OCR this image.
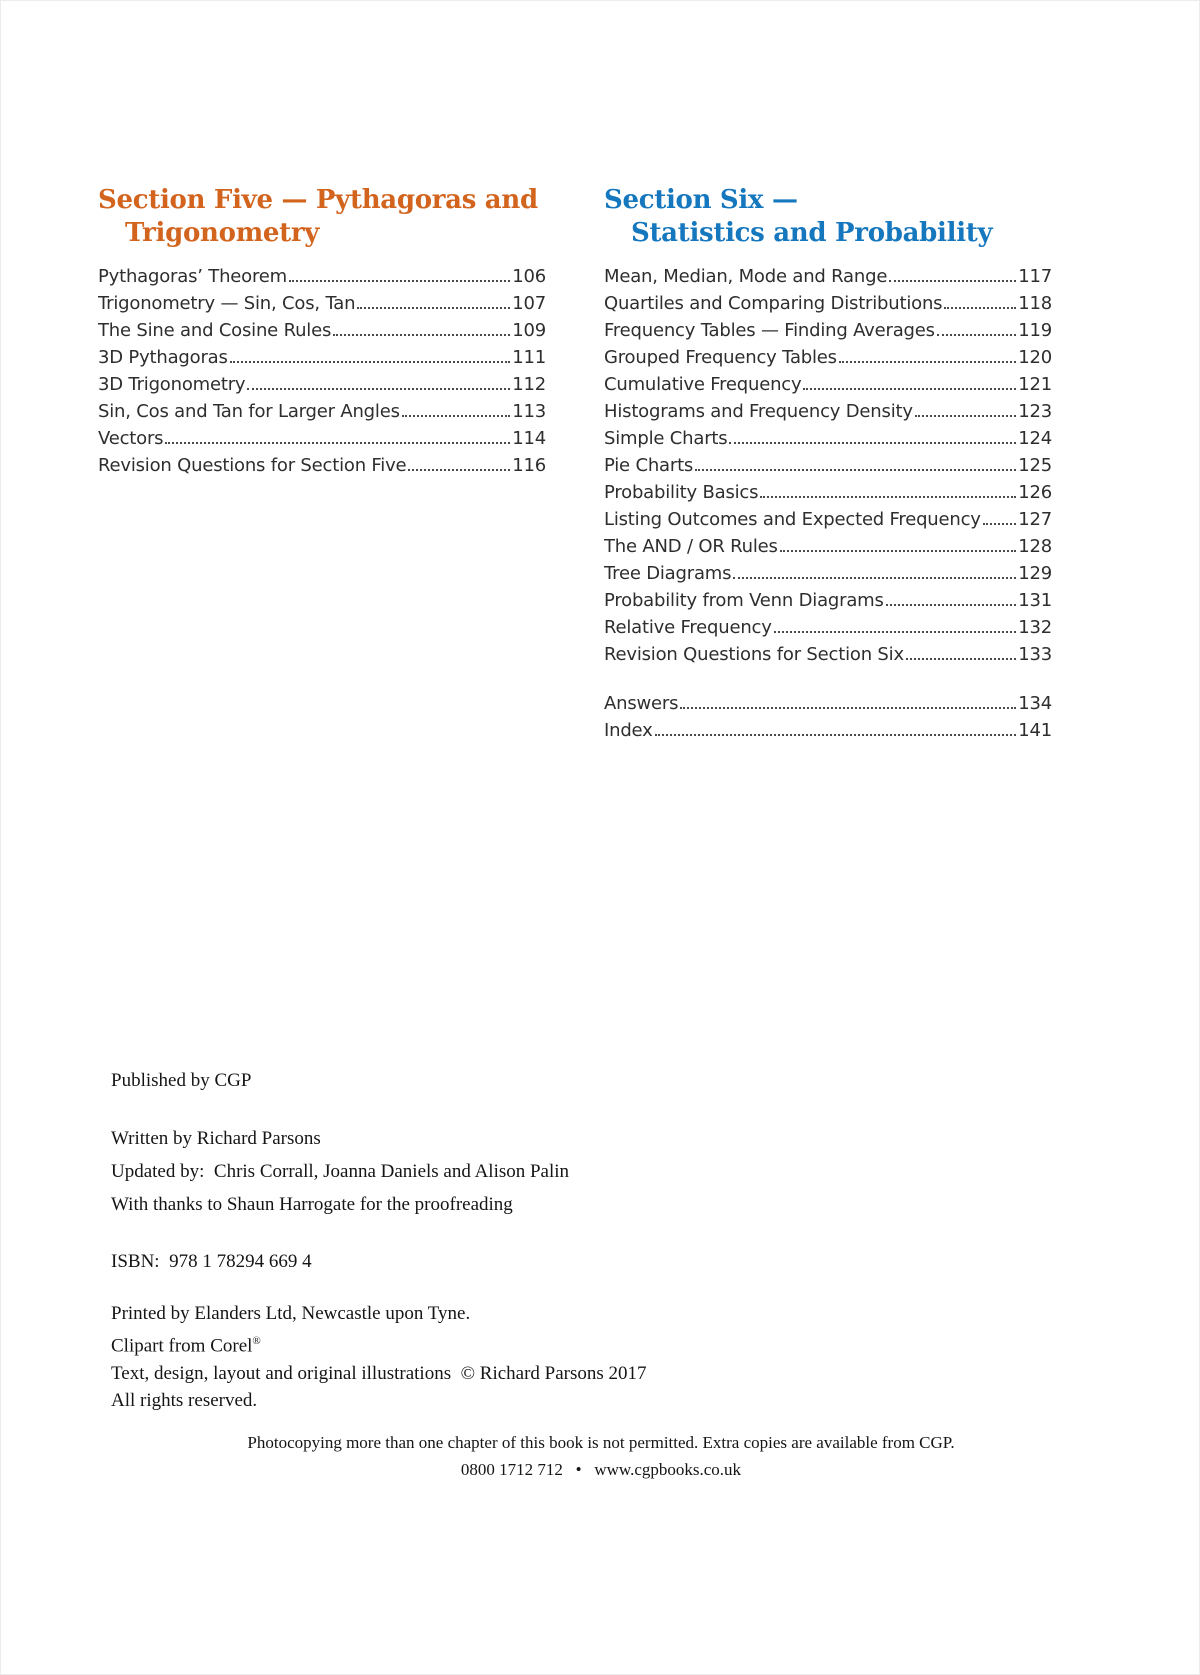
Section Five — Pythagoras and
Trigonometry
Pythagoras’ Theorem	106
Trigonometry — Sin, Cos, Tan	107
The Sine and Cosine Rules	109
3D Pythagoras	111
3D Trigonometry	112
Sin, Cos and Tan for Larger Angles	113
Vectors	114
Revision Questions for Section Five	116
Section Six —
Statistics and Probability
Mean, Median, Mode and Range	117
Quartiles and Comparing Distributions	118
Frequency Tables — Finding Averages	119
Grouped Frequency Tables	120
Cumulative Frequency	121
Histograms and Frequency Density	123
Simple Charts	124
Pie Charts	125
Probability Basics	126
Listing Outcomes and Expected Frequency 127
The AND / OR Rules	128
Tree Diagrams	129
Probability from Venn Diagrams	131
Relative Frequency	132
Revision Questions for Section Six	133
Answers	134
Index	141
Published by CGP
Written by Richard Parsons
Updated by:  Chris Corrall, Joanna Daniels and Alison Palin
With thanks to Shaun Harrogate for the proofreading
ISBN:  978 1 78294 669 4
Printed by Elanders Ltd, Newcastle upon Tyne.
Clipart from Corel®
Text, design, layout and original illustrations  © Richard Parsons 2017
All rights reserved.
Photocopying more than one chapter of this book is not permitted. Extra copies are available from CGP.
0800 1712 712   •   www.cgpbooks.co.uk
